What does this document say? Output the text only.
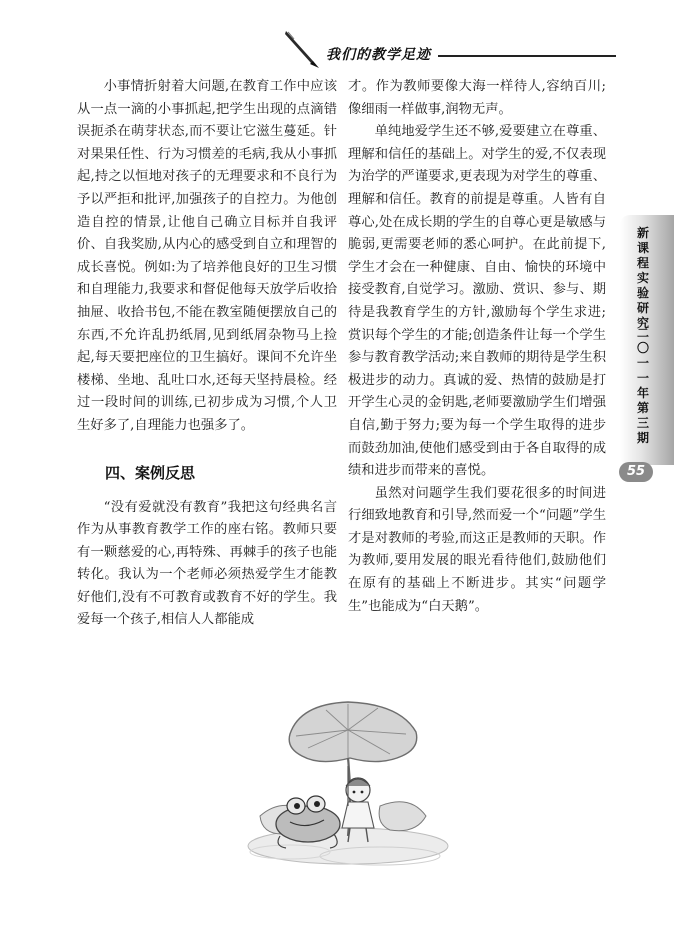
我们的教学足迹

小事情折射着大问题,在教育工作中应该从一点一滴的小事抓起,把学生出现的点滴错误扼杀在萌芽状态,而不要让它滋生蔓延。针对果果任性、行为习惯差的毛病,我从小事抓起,持之以恒地对孩子的无理要求和不良行为予以严拒和批评,加强孩子的自控力。为他创造自控的情景,让他自己确立目标并自我评价、自我奖励,从内心的感受到自立和理智的成长喜悦。例如:为了培养他良好的卫生习惯和自理能力,我要求和督促他每天放学后收拾抽屉、收拾书包,不能在教室随便摆放自己的东西,不允许乱扔纸屑,见到纸屑杂物马上捡起,每天要把座位的卫生搞好。课间不允许坐楼梯、坐地、乱吐口水,还每天坚持晨检。经过一段时间的训练,已初步成为习惯,个人卫生好多了,自理能力也强多了。

四、案例反思

“没有爱就没有教育”我把这句经典名言作为从事教育教学工作的座右铭。教师只要有一颗慈爱的心,再特殊、再棘手的孩子也能转化。我认为一个老师必须热爱学生才能教好他们,没有不可教育或教育不好的学生。我爱每一个孩子,相信人人都能成

才。作为教师要像大海一样待人,容纳百川;像细雨一样做事,润物无声。

单纯地爱学生还不够,爱要建立在尊重、理解和信任的基础上。对学生的爱,不仅表现为治学的严谨要求,更表现为对学生的尊重、理解和信任。教育的前提是尊重。人皆有自尊心,处在成长期的学生的自尊心更是敏感与脆弱,更需要老师的悉心呵护。在此前提下,学生才会在一种健康、自由、愉快的环境中接受教育,自觉学习。激励、赏识、参与、期待是我教育学生的方针,激励每个学生求进;赏识每个学生的才能;创造条件让每一个学生参与教育教学活动;来自教师的期待是学生积极进步的动力。真诚的爱、热情的鼓励是打开学生心灵的金钥匙,老师要激励学生们增强自信,勤于努力;要为每一个学生取得的进步而鼓劲加油,使他们感受到由于各自取得的成绩和进步而带来的喜悦。

虽然对问题学生我们要花很多的时间进行细致地教育和引导,然而爱一个“问题”学生才是对教师的考验,而这正是教师的天职。作为教师,要用发展的眼光看待他们,鼓励他们在原有的基础上不断进步。其实“问题学生”也能成为“白天鹅”。

新课程实验研究
二〇一一年第三期
55
